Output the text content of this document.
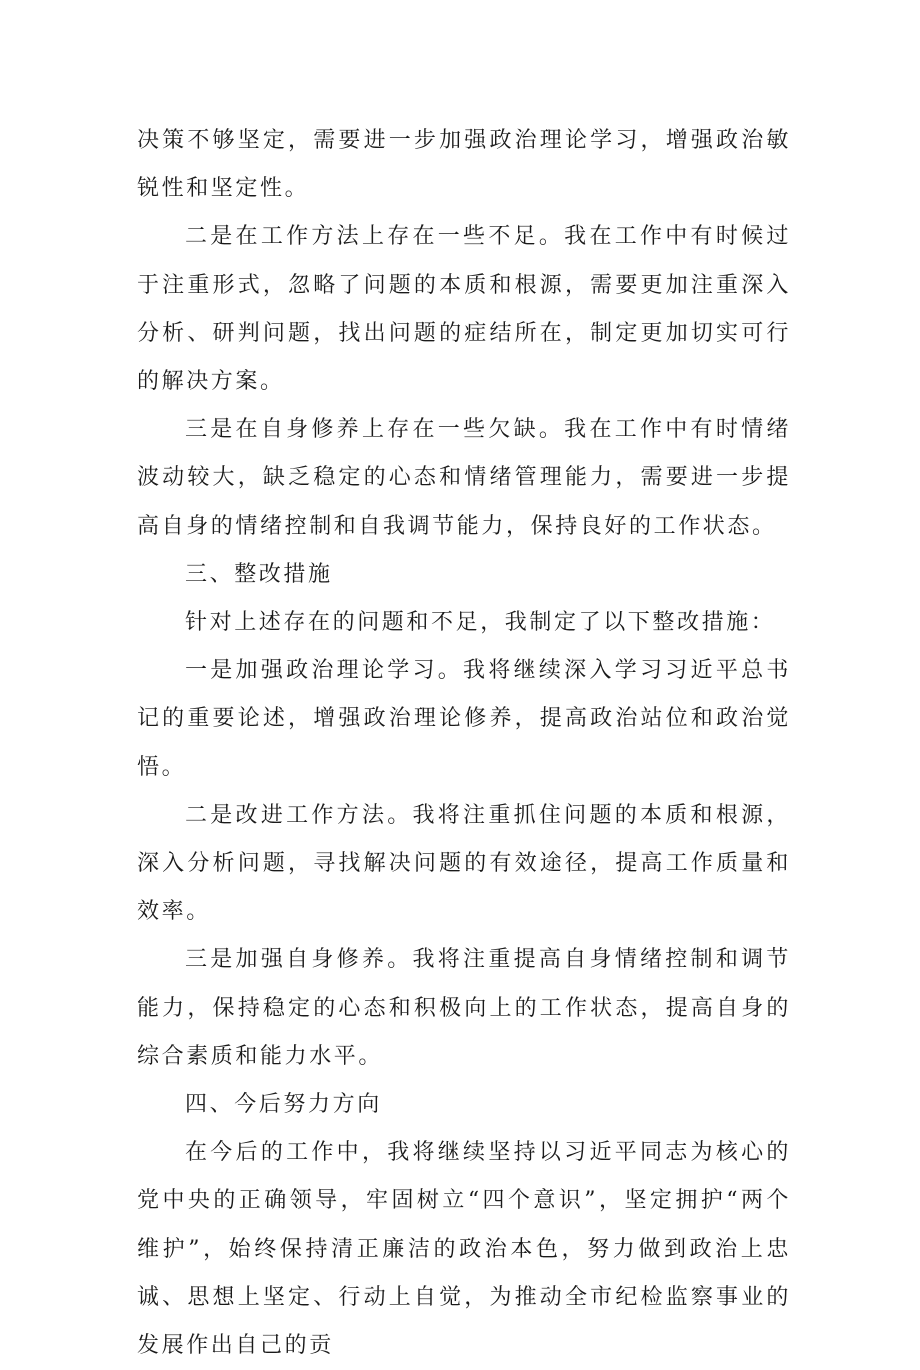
决策不够坚定，需要进一步加强政治理论学习，增强政治敏锐性和坚定性。

二是在工作方法上存在一些不足。我在工作中有时候过于注重形式，忽略了问题的本质和根源，需要更加注重深入分析、研判问题，找出问题的症结所在，制定更加切实可行的解决方案。

三是在自身修养上存在一些欠缺。我在工作中有时情绪波动较大，缺乏稳定的心态和情绪管理能力，需要进一步提高自身的情绪控制和自我调节能力，保持良好的工作状态。

三、整改措施

针对上述存在的问题和不足，我制定了以下整改措施：

一是加强政治理论学习。我将继续深入学习习近平总书记的重要论述，增强政治理论修养，提高政治站位和政治觉悟。

二是改进工作方法。我将注重抓住问题的本质和根源，深入分析问题，寻找解决问题的有效途径，提高工作质量和效率。

三是加强自身修养。我将注重提高自身情绪控制和调节能力，保持稳定的心态和积极向上的工作状态，提高自身的综合素质和能力水平。

四、今后努力方向

在今后的工作中，我将继续坚持以习近平同志为核心的党中央的正确领导，牢固树立“四个意识”，坚定拥护“两个维护”，始终保持清正廉洁的政治本色，努力做到政治上忠诚、思想上坚定、行动上自觉，为推动全市纪检监察事业的发展作出自己的贡
